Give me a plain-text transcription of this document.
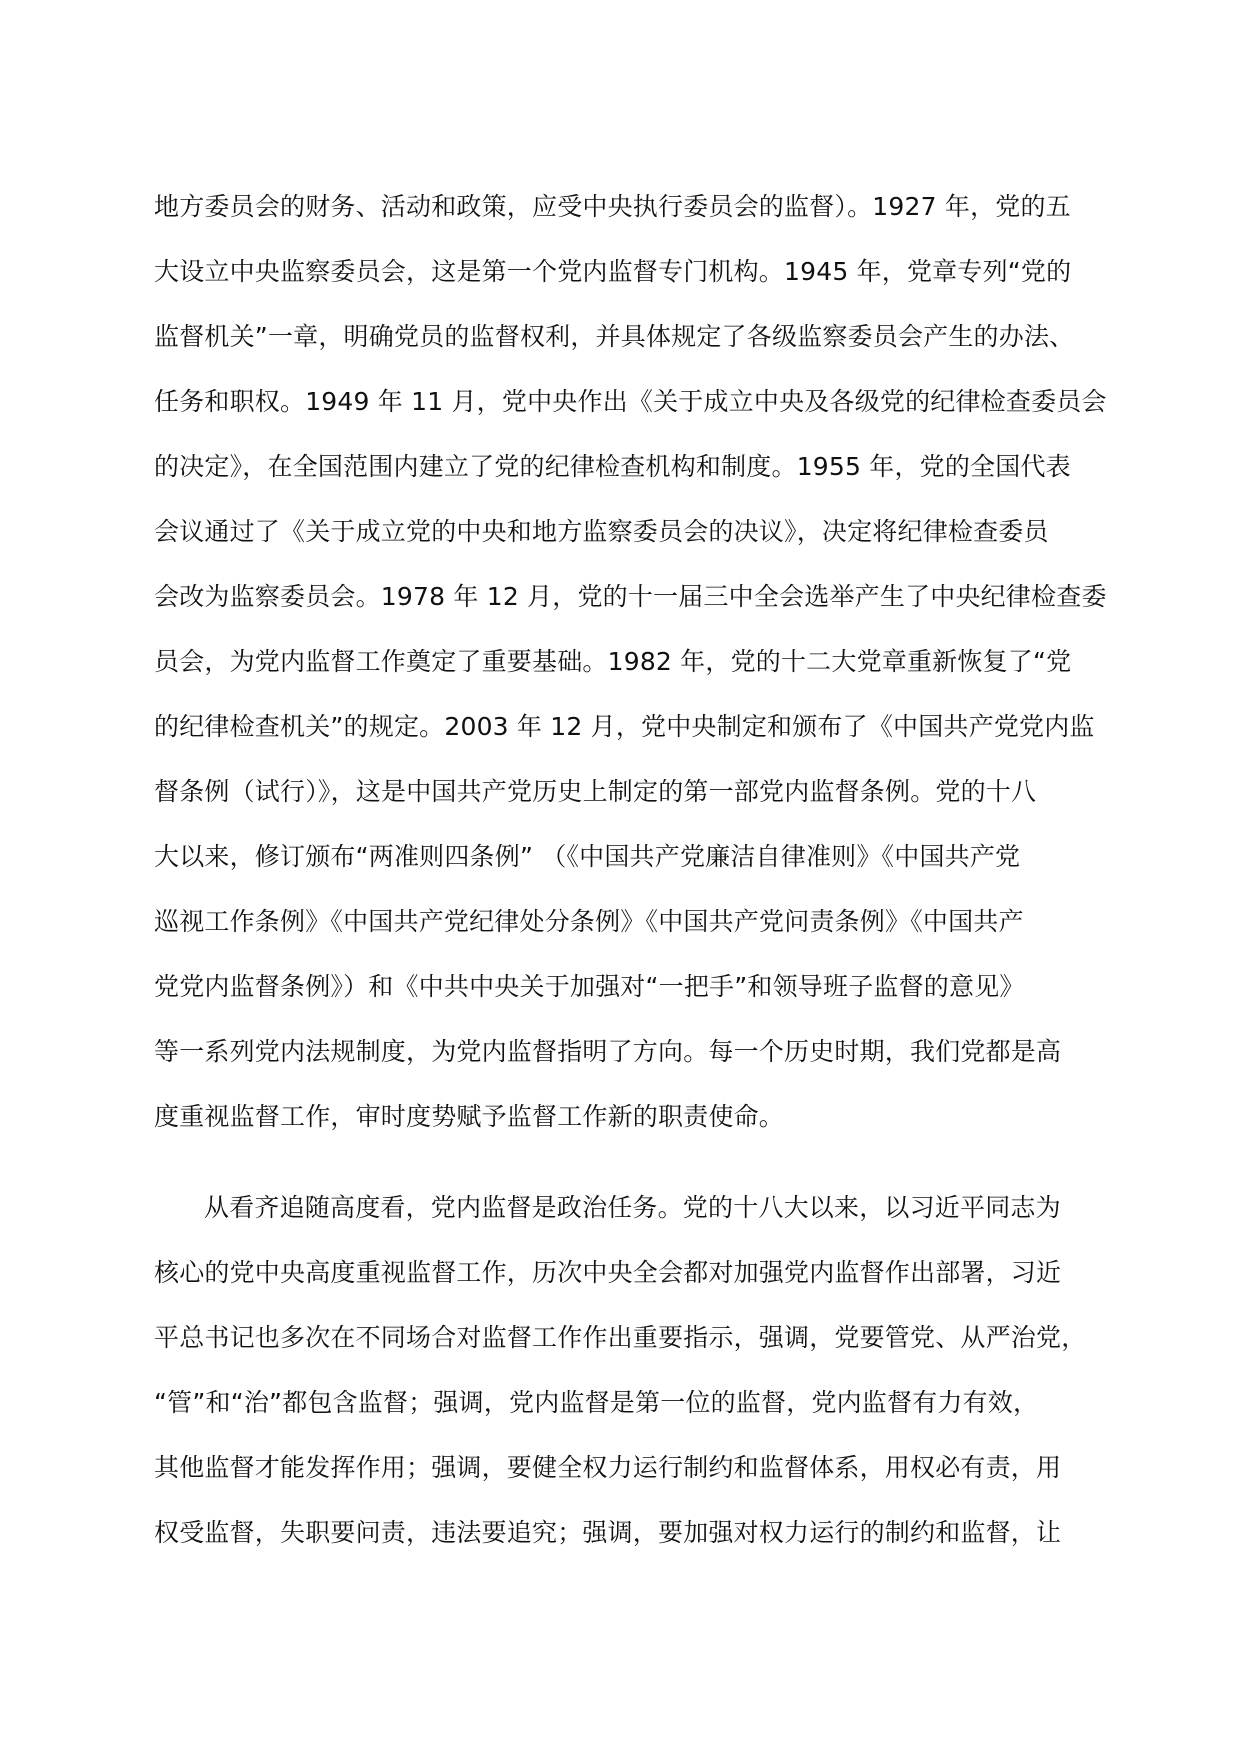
地方委员会的财务、活动和政策，应受中央执行委员会的监督）。1927 年，党的五
大设立中央监察委员会，这是第一个党内监督专门机构。1945 年，党章专列“党的
监督机关”一章，明确党员的监督权利，并具体规定了各级监察委员会产生的办法、
任务和职权。1949 年 11 月，党中央作出《关于成立中央及各级党的纪律检查委员会
的决定》，在全国范围内建立了党的纪律检查机构和制度。1955 年，党的全国代表
会议通过了《关于成立党的中央和地方监察委员会的决议》，决定将纪律检查委员
会改为监察委员会。1978 年 12 月，党的十一届三中全会选举产生了中央纪律检查委
员会，为党内监督工作奠定了重要基础。1982 年，党的十二大党章重新恢复了“党
的纪律检查机关”的规定。2003 年 12 月，党中央制定和颁布了《中国共产党党内监
督条例（试行）》，这是中国共产党历史上制定的第一部党内监督条例。党的十八
大以来，修订颁布“两准则四条例” （《中国共产党廉洁自律准则》《中国共产党
巡视工作条例》《中国共产党纪律处分条例》《中国共产党问责条例》《中国共产
党党内监督条例》）和《中共中央关于加强对“一把手”和领导班子监督的意见》
等一系列党内法规制度，为党内监督指明了方向。每一个历史时期，我们党都是高
度重视监督工作，审时度势赋予监督工作新的职责使命。
从看齐追随高度看，党内监督是政治任务。党的十八大以来，以习近平同志为
核心的党中央高度重视监督工作，历次中央全会都对加强党内监督作出部署，习近
平总书记也多次在不同场合对监督工作作出重要指示，强调，党要管党、从严治党，
“管”和“治”都包含监督；强调，党内监督是第一位的监督，党内监督有力有效，
其他监督才能发挥作用；强调，要健全权力运行制约和监督体系，用权必有责，用
权受监督，失职要问责，违法要追究；强调，要加强对权力运行的制约和监督，让
